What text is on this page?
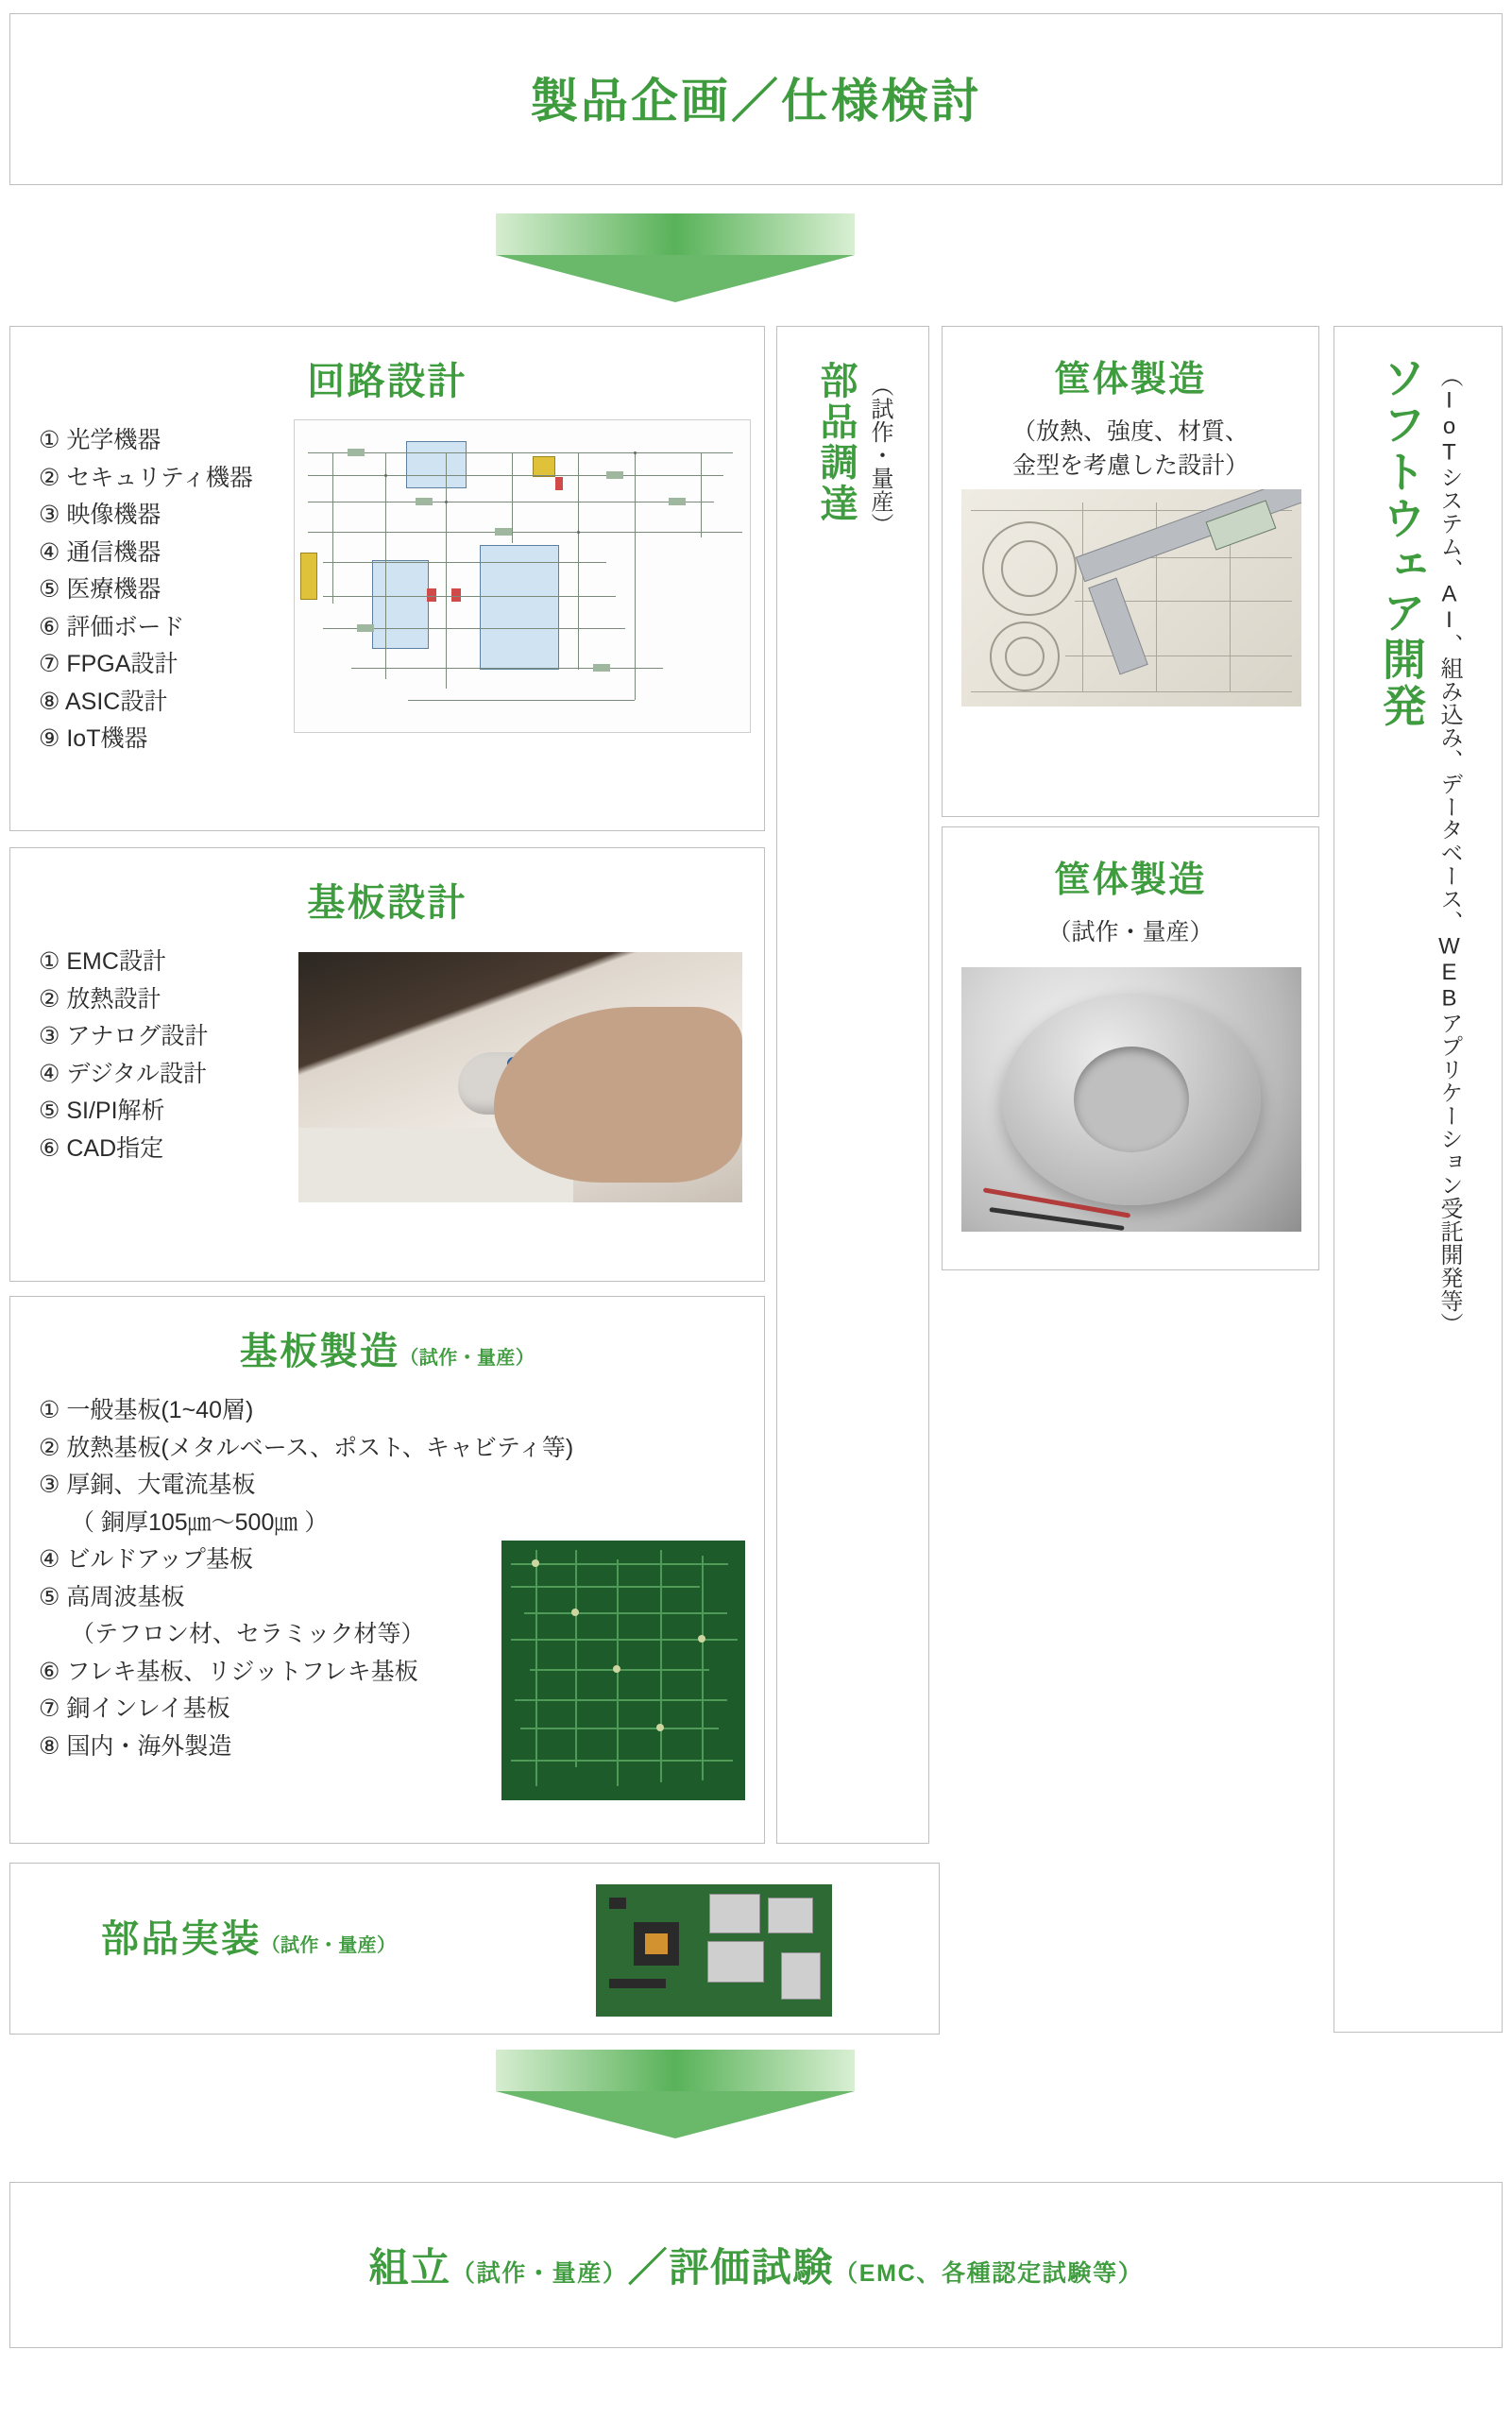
製品企画／仕様検討
回路設計
① 光学機器
② セキュリティ機器
③ 映像機器
④ 通信機器
⑤ 医療機器
⑥ 評価ボード
⑦ FPGA設計
⑧ ASIC設計
⑨ IoT機器
基板設計
① EMC設計
② 放熱設計
③ アナログ設計
④ デジタル設計
⑤ SI/PI解析
⑥ CAD指定
基板製造（試作・量産）
① 一般基板(1~40層)
② 放熱基板(メタルベース、ポスト、キャビティ等)
③ 厚銅、大電流基板
（ 銅厚105㎛〜500㎛ ）
④ ビルドアップ基板
⑤ 高周波基板
（テフロン材、セラミック材等）
⑥ フレキ基板、リジットフレキ基板
⑦ 銅インレイ基板
⑧ 国内・海外製造
部品実装（試作・量産）
部品調達 （試作・量産）	筐体製造
（放熱、強度、材質、
金型を考慮した設計）
筐体製造
（試作・量産）
ソフトウェア開発 （IoTシステム、AI、組み込み、データベース、WEBアプリケーション受託開発等）
組立 （試作・量産） ／ 評価試験 （EMC、各種認定試験等）
